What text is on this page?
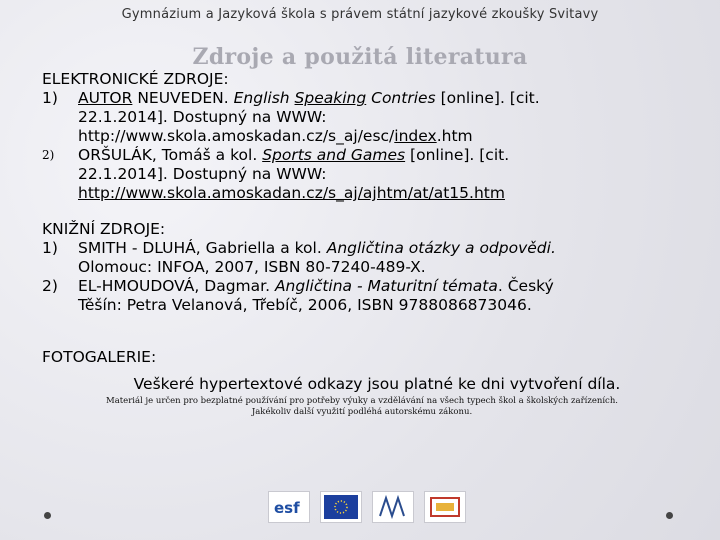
Gymnázium a Jazyková škola s právem státní jazykové zkoušky Svitavy
Zdroje a použitá literatura
ELEKTRONICKÉ ZDROJE:
1) AUTOR NEUVEDEN. English Speaking Contries [online]. [cit.
22.1.2014]. Dostupný na WWW:
http://www.skola.amoskadan.cz/s_aj/esc/index.htm
2) ORŠULÁK, Tomáš a kol. Sports and Games [online]. [cit.
22.1.2014]. Dostupný na WWW:
http://www.skola.amoskadan.cz/s_aj/ajhtm/at/at15.htm
KNIŽNÍ ZDROJE:
1) SMITH - DLUHÁ, Gabriella a kol. Angličtina otázky a odpovědi.
Olomouc: INFOA, 2007, ISBN 80-7240-489-X.
2) EL-HMOUDOVÁ, Dagmar. Angličtina - Maturitní témata. Český
Těšín: Petra Velanová, Třebíč, 2006, ISBN 9788086873046.
FOTOGALERIE:
Veškeré hypertextové odkazy jsou platné ke dni vytvoření díla.
Materiál je určen pro bezplatné používání pro potřeby výuky a vzdělávání na všech typech škol a školských zařízeních.
Jakékoliv další využití podléhá autorskému zákonu.
esf
